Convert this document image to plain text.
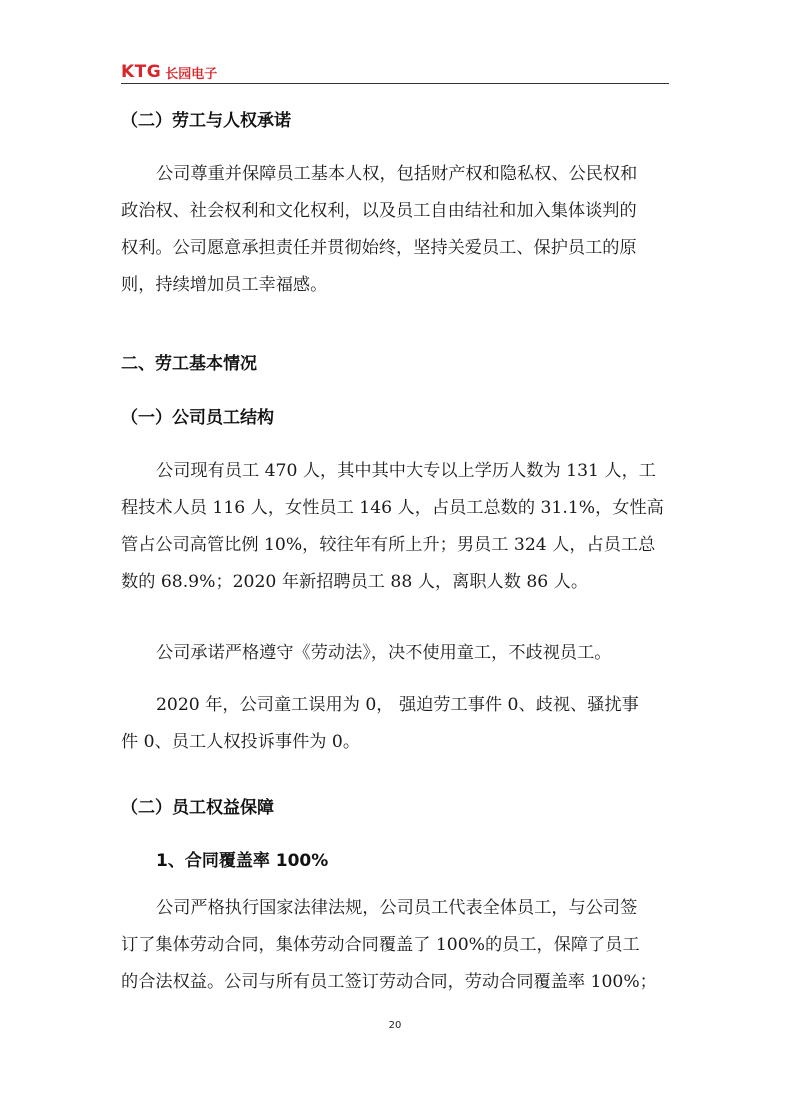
KTG 长园电子
（二）劳工与人权承诺
公司尊重并保障员工基本人权，包括财产权和隐私权、公民权和
政治权、社会权利和文化权利，以及员工自由结社和加入集体谈判的
权利。公司愿意承担责任并贯彻始终，坚持关爱员工、保护员工的原
则，持续增加员工幸福感。
二、劳工基本情况
（一）公司员工结构
公司现有员工 470 人，其中其中大专以上学历人数为 131 人，工
程技术人员 116 人，女性员工 146 人，占员工总数的 31.1%，女性高
管占公司高管比例 10%，较往年有所上升；男员工 324 人，占员工总
数的 68.9%；2020 年新招聘员工 88 人，离职人数 86 人。
公司承诺严格遵守《劳动法》，决不使用童工，不歧视员工。
2020 年，公司童工误用为 0， 强迫劳工事件 0、歧视、骚扰事
件 0、员工人权投诉事件为 0。
（二）员工权益保障
1、合同覆盖率 100%
公司严格执行国家法律法规，公司员工代表全体员工，与公司签
订了集体劳动合同，集体劳动合同覆盖了 100%的员工，保障了员工
的合法权益。公司与所有员工签订劳动合同，劳动合同覆盖率 100%；
20
